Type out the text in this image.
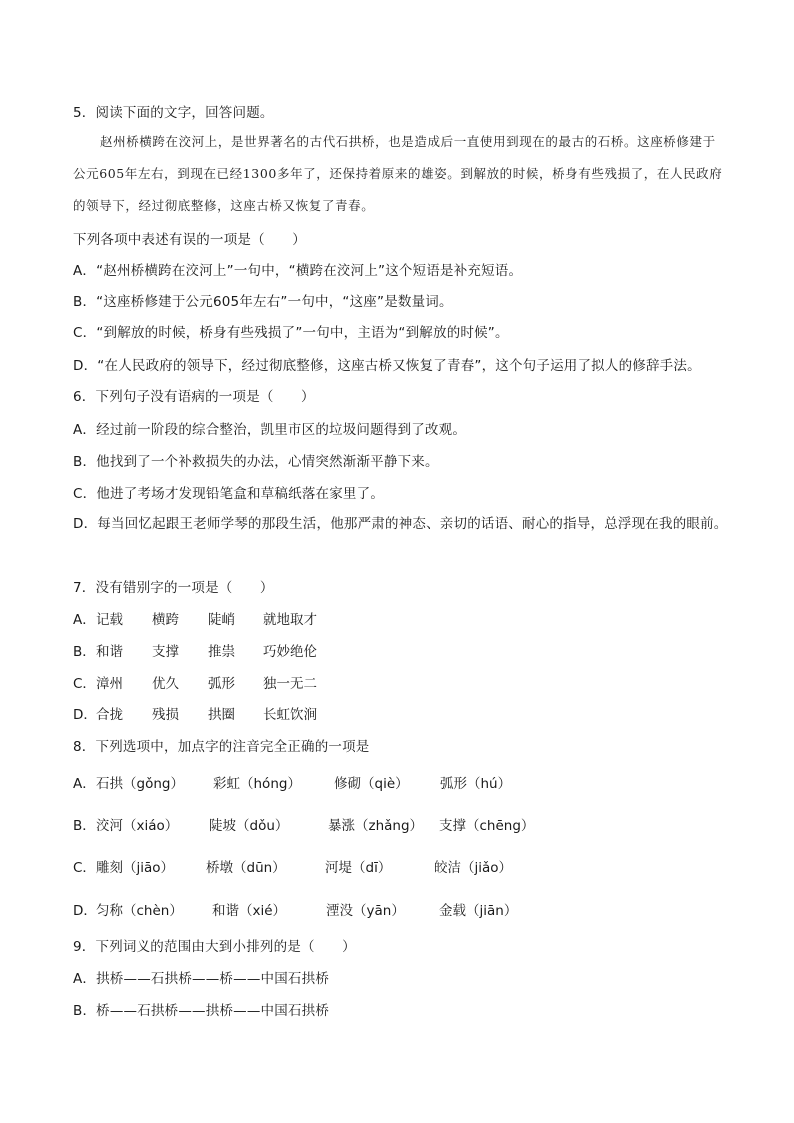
5．阅读下面的文字，回答问题。
赵州桥横跨在洨河上，是世界著名的古代石拱桥，也是造成后一直使用到现在的最古的石桥。这座桥修建于公元605年左右，到现在已经1300多年了，还保持着原来的雄姿。到解放的时候，桥身有些残损了，在人民政府的领导下，经过彻底整修，这座古桥又恢复了青春。
下列各项中表述有误的一项是（　　）
A．“赵州桥横跨在洨河上”一句中，“横跨在洨河上”这个短语是补充短语。
B．“这座桥修建于公元605年左右”一句中，“这座”是数量词。
C．“到解放的时候，桥身有些残损了”一句中，主语为“到解放的时候”。
D．“在人民政府的领导下，经过彻底整修，这座古桥又恢复了青春”，这个句子运用了拟人的修辞手法。
6．下列句子没有语病的一项是（　　）
A．经过前一阶段的综合整治，凯里市区的垃圾问题得到了改观。
B．他找到了一个补救损失的办法，心情突然渐渐平静下来。
C．他进了考场才发现铅笔盒和草稿纸落在家里了。
D．每当回忆起跟王老师学琴的那段生活，他那严肃的神态、亲切的话语、耐心的指导，总浮现在我的眼前。
7．没有错别字的一项是（　　）
A． 记载 横跨 陡峭 就地取才
B． 和谐 支撑 推祟 巧妙绝伦
C． 漳州 优久 弧形 独一无二
D． 合拢 残损 拱圈 长虹饮涧
8．下列选项中，加点字的注音完全正确的一项是
A． 石拱（gǒng） 彩虹（hóng） 修砌（qiè） 弧形（hú）
B． 洨河（xiáo） 陡坡（dǒu）	暴涨（zhǎng） 支撑（chēng）
C． 雕刻（jiāo） 桥墩（dūn）	河堤（dī）	皎洁（jiǎo）
D． 匀称（chèn） 和谐（xié）	湮没（yān）	金载（jiān）
9．下列词义的范围由大到小排列的是（　　）
A．拱桥——石拱桥——桥——中国石拱桥
B．桥——石拱桥——拱桥——中国石拱桥
